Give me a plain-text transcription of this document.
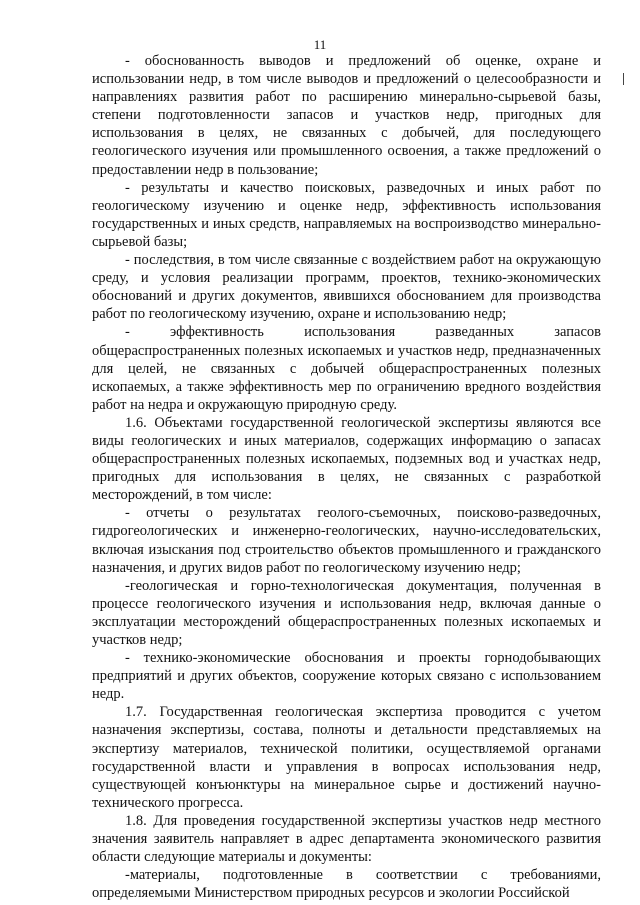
11

- обоснованность выводов и предложений об оценке, охране и использовании недр, в том числе выводов и предложений о целесообразности и направлениях развития работ по расширению минерально-сырьевой базы, степени подготовленности запасов и участков недр, пригодных для использования в целях, не связанных с добычей, для последующего геологического изучения или промышленного освоения, а также предложений о предоставлении недр в пользование;

- результаты и качество поисковых, разведочных и иных работ по геологическому изучению и оценке недр, эффективность использования государственных и иных средств, направляемых на воспроизводство минерально-сырьевой базы;

- последствия, в том числе связанные с воздействием работ на окружающую среду, и условия реализации программ, проектов, технико-экономических обоснований и других документов, явившихся обоснованием для производства работ по геологическому изучению, охране и использованию недр;

- эффективность использования разведанных запасов общераспространенных полезных ископаемых и участков недр, предназначенных для целей, не связанных с добычей общераспространенных полезных ископаемых, а также эффективность мер по ограничению вредного воздействия работ на недра и окружающую природную среду.

1.6. Объектами государственной геологической экспертизы являются все виды геологических и иных материалов, содержащих информацию о запасах общераспространенных полезных ископаемых, подземных вод и участках недр, пригодных для использования в целях, не связанных с разработкой месторождений, в том числе:

- отчеты о результатах геолого-съемочных, поисково-разведочных, гидрогеологических и инженерно-геологических, научно-исследовательских, включая изыскания под строительство объектов промышленного и гражданского назначения, и других видов работ по геологическому изучению недр;

-геологическая и горно-технологическая документация, полученная в процессе геологического изучения и использования недр, включая данные о эксплуатации месторождений общераспространенных полезных ископаемых и участков недр;

- технико-экономические обоснования и проекты горнодобывающих предприятий и других объектов, сооружение которых связано с использованием недр.

1.7. Государственная геологическая экспертиза проводится с учетом назначения экспертизы, состава, полноты и детальности представляемых на экспертизу материалов, технической политики, осуществляемой органами государственной власти и управления в вопросах использования недр, существующей конъюнктуры на минеральное сырье и достижений научно-технического прогресса.

1.8. Для проведения государственной экспертизы участков недр местного значения заявитель направляет в адрес департамента экономического развития области следующие материалы и документы:

-материалы, подготовленные в соответствии с требованиями, определяемыми Министерством природных ресурсов и экологии Российской
